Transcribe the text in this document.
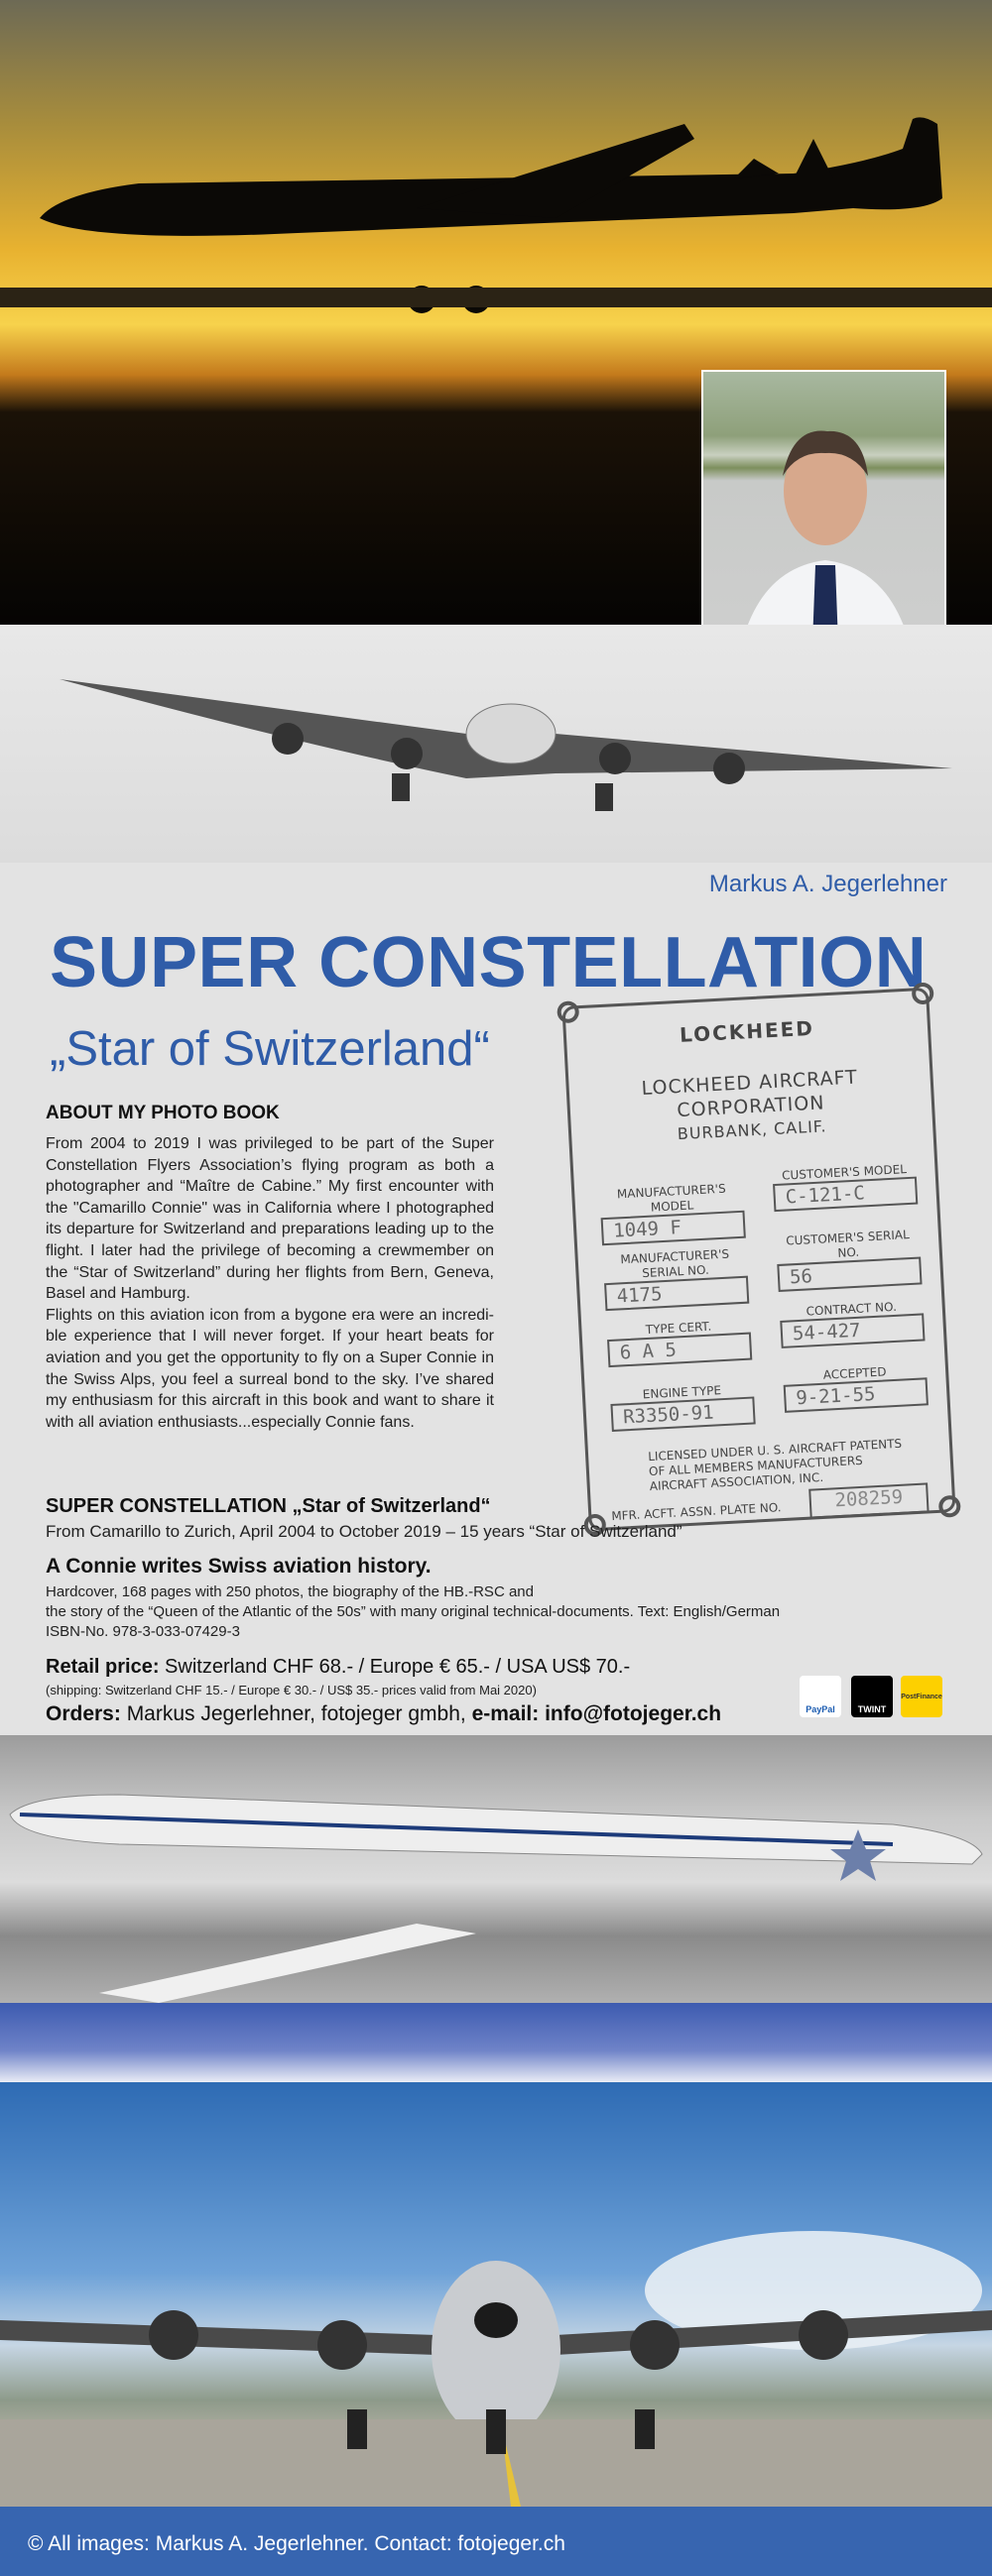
Markus A. Jegerlehner
SUPER CONSTELLATION
„Star of Switzerland“	LOCKHEED
LOCKHEED AIRCRAFT
CORPORATION
BURBANK, CALIF.
MANUFACTURER'S MODEL
1049 F
CUSTOMER'S MODEL
C-121-C
MANUFACTURER'S SERIAL NO.
4175
CUSTOMER'S SERIAL NO.
56
TYPE CERT.
6 A 5
CONTRACT NO.
54-427
ENGINE TYPE
R3350-91
ACCEPTED
9-21-55
LICENSED UNDER U. S. AIRCRAFT PATENTS OF ALL MEMBERS MANUFACTURERS AIRCRAFT ASSOCIATION, INC.
MFR. ACFT. ASSN. PLATE NO.
208259
ABOUT MY PHOTO BOOK

From 2004 to 2019 I was privileged to be part of the Super Constellation Flyers Association’s flying program as both a photographer and “Maître de Cabine.” My first encounter with the "Camarillo Connie" was in California where I photographed its departure for Switzerland and preparations leading up to the flight. I later had the privilege of becoming a crewmember on the “Star of Switzerland” during her flights from Bern, Geneva, Basel and Hamburg.

Flights on this aviation icon from a bygone era were an incredible experience that I will never forget. If your heart beats for aviation and you get the opportunity to fly on a Super Connie in the Swiss Alps, you feel a surreal bond to the sky. I’ve shared my enthusiasm for this aircraft in this book and want to share it with all aviation enthusiasts...especially Connie fans.

SUPER CONSTELLATION „Star of Switzerland“
From Camarillo to Zurich, April 2004 to October 2019 – 15 years “Star of Switzerland”
A Connie writes Swiss aviation history.
Hardcover, 168 pages with 250 photos, the biography of the HB.-RSC and
the story of the “Queen of the Atlantic of the 50s” with many original technical-documents. Text: English/German
ISBN-No. 978-3-033-07429-3
Retail price: Switzerland CHF 68.- / Europe € 65.- / USA US$ 70.-
(shipping: Switzerland CHF 15.- / Europe € 30.- / US$ 35.- prices valid from Mai 2020)
Orders: Markus Jegerlehner, fotojeger gmbh, e-mail: info@fotojeger.ch	PayPal	TWINT
PostFinance
© All images: Markus A. Jegerlehner. Contact: fotojeger.ch
